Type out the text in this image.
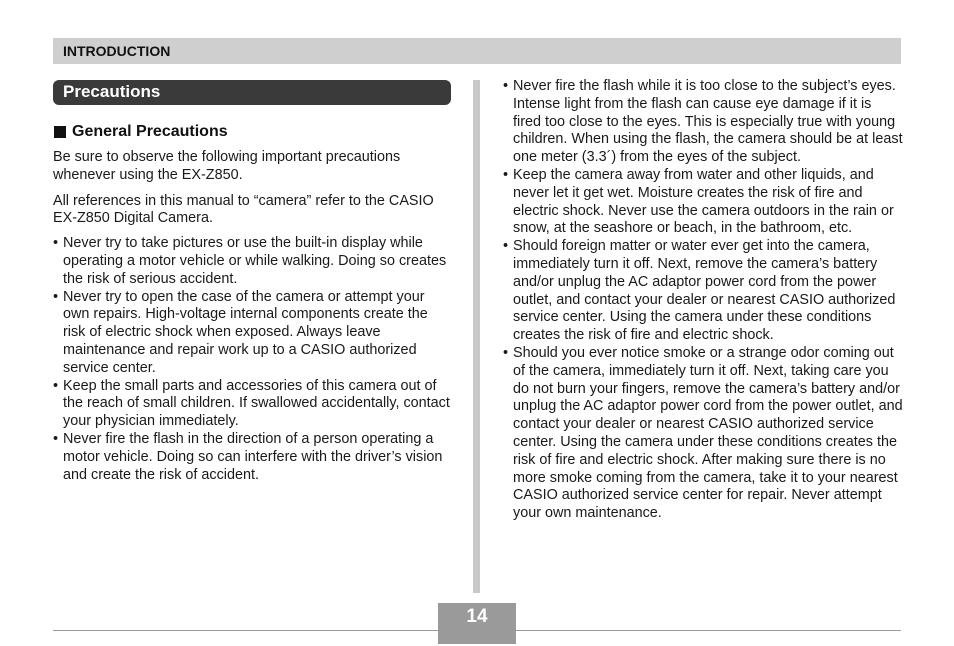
INTRODUCTION
Precautions
General Precautions

Be sure to observe the following important precautions whenever using the EX-Z850.

All references in this manual to “camera” refer to the CASIO EX-Z850 Digital Camera.

• Never try to take pictures or use the built-in display while operating a motor vehicle or while walking. Doing so creates the risk of serious accident.
• Never try to open the case of the camera or attempt your own repairs. High-voltage internal components create the risk of electric shock when exposed. Always leave maintenance and repair work up to a CASIO authorized service center.
• Keep the small parts and accessories of this camera out of the reach of small children. If swallowed accidentally, contact your physician immediately.
• Never fire the flash in the direction of a person operating a motor vehicle. Doing so can interfere with the driver’s vision and create the risk of accident.
• Never fire the flash while it is too close to the subject’s eyes. Intense light from the flash can cause eye damage if it is fired too close to the eyes. This is especially true with young children. When using the flash, the camera should be at least one meter (3.3´) from the eyes of the subject.
• Keep the camera away from water and other liquids, and never let it get wet. Moisture creates the risk of fire and electric shock. Never use the camera outdoors in the rain or snow, at the seashore or beach, in the bathroom, etc.
• Should foreign matter or water ever get into the camera, immediately turn it off. Next, remove the camera’s battery and/or unplug the AC adaptor power cord from the power outlet, and contact your dealer or nearest CASIO authorized service center. Using the camera under these conditions creates the risk of fire and electric shock.
• Should you ever notice smoke or a strange odor coming out of the camera, immediately turn it off. Next, taking care you do not burn your fingers, remove the camera’s battery and/or unplug the AC adaptor power cord from the power outlet, and contact your dealer or nearest CASIO authorized service center. Using the camera under these conditions creates the risk of fire and electric shock. After making sure there is no more smoke coming from the camera, take it to your nearest CASIO authorized service center for repair. Never attempt your own maintenance.
14
